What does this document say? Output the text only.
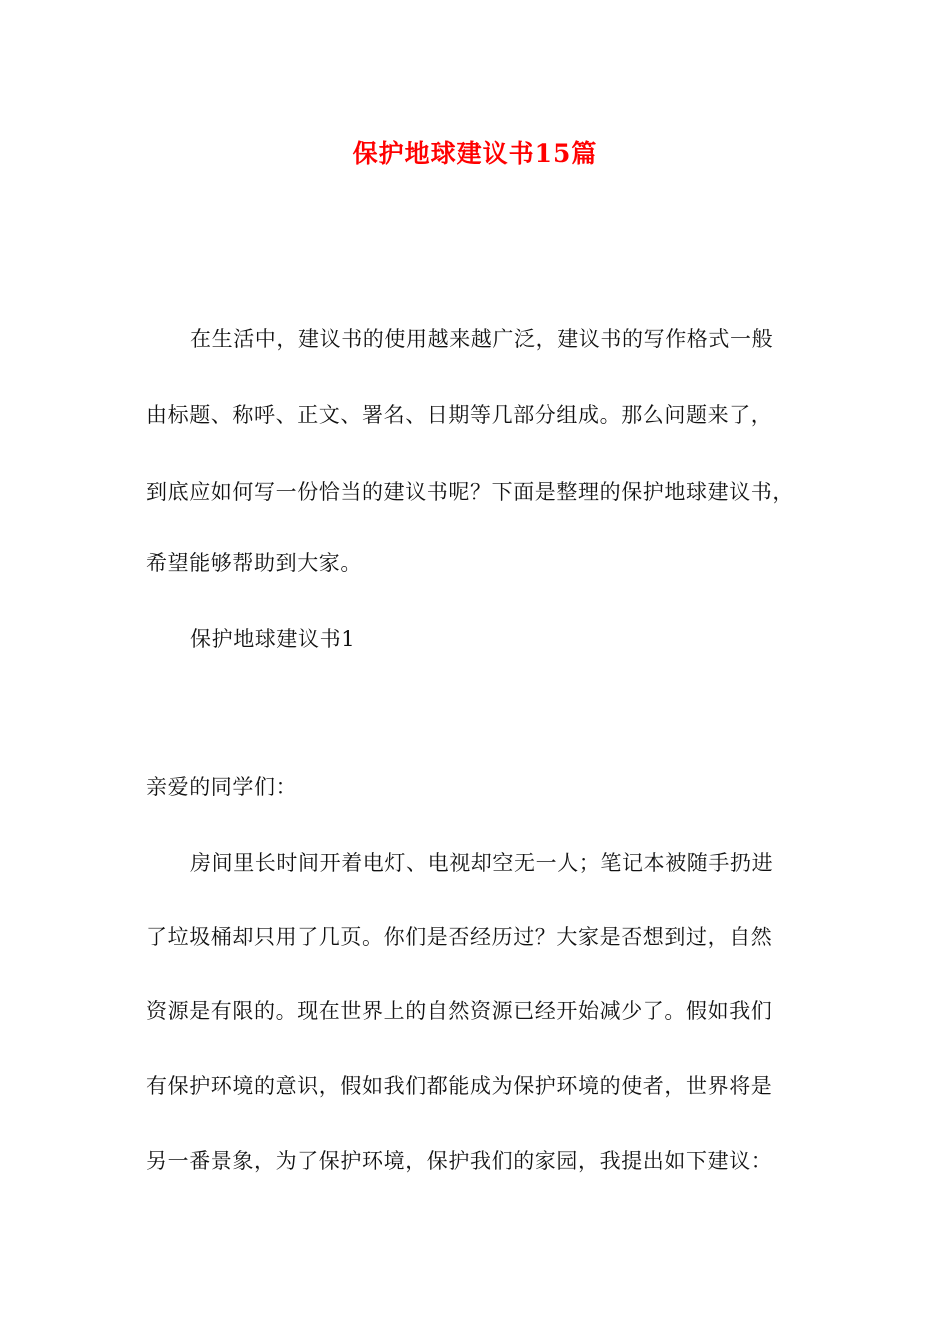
保护地球建议书15篇
在生活中，建议书的使用越来越广泛，建议书的写作格式一般
由标题、称呼、正文、署名、日期等几部分组成。那么问题来了，
到底应如何写一份恰当的建议书呢？下面是整理的保护地球建议书，
希望能够帮助到大家。
保护地球建议书1
亲爱的同学们：
房间里长时间开着电灯、电视却空无一人；笔记本被随手扔进
了垃圾桶却只用了几页。你们是否经历过？大家是否想到过，自然
资源是有限的。现在世界上的自然资源已经开始减少了。假如我们
有保护环境的意识，假如我们都能成为保护环境的使者，世界将是
另一番景象，为了保护环境，保护我们的家园，我提出如下建议：
